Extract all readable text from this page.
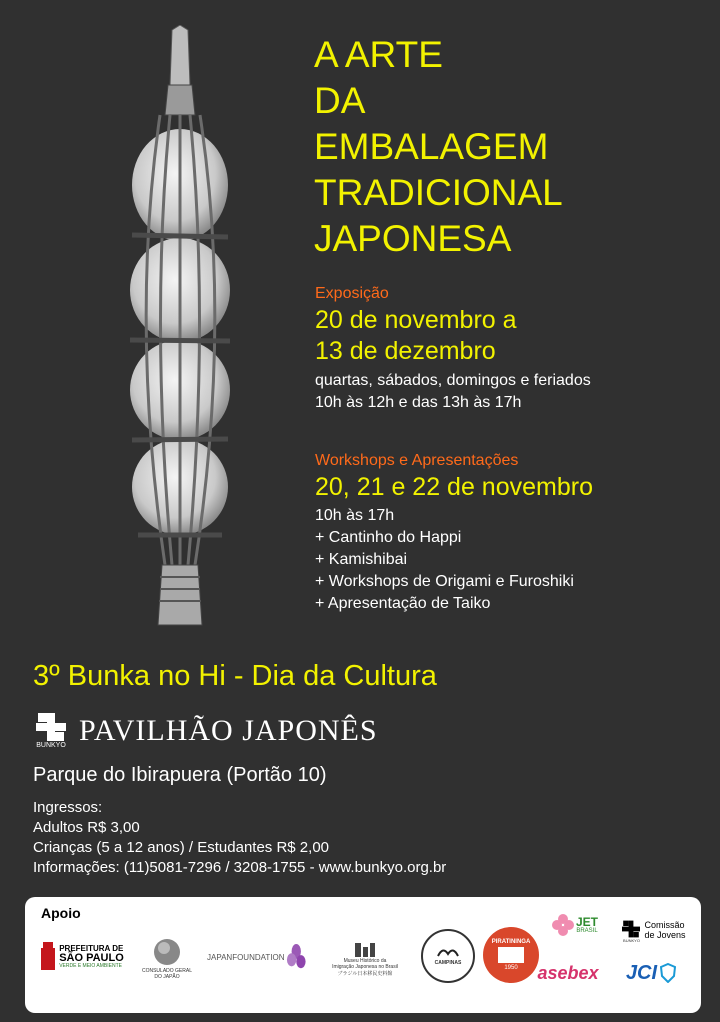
A ARTE
DA
EMBALAGEM
TRADICIONAL
JAPONESA
Exposição
20 de novembro a
13 de dezembro
quartas, sábados, domingos e feriados
10h às 12h e das 13h às 17h
Workshops e Apresentações
20, 21 e 22 de novembro
10h às 17h
+ Cantinho do Happi
+ Kamishibai
+ Workshops de Origami e Furoshiki
+ Apresentação de Taiko
3º Bunka no Hi - Dia da Cultura
BUNKYO PAVILHÃO JAPONÊS
Parque do Ibirapuera (Portão 10)
Ingressos:
Adultos R$ 3,00
Crianças (5 a 12 anos) / Estudantes R$ 2,00
Informações: (11)5081-7296 / 3208-1755 - www.bunkyo.org.br
Apoio
PREFEITURA DE
SÃO PAULO
VERDE E MEIO AMBIENTE
CONSULADO GERAL
DO JAPÃO
JAPANFOUNDATION	Museu Histórico da
Imigração Japonesa no Brasil
ブラジル日本移民史料館
CAMPINAS
PIRATININGA
1950
JET
BRASIL
asebex
BUNKYO
Comissão
de Jovens
JCI
